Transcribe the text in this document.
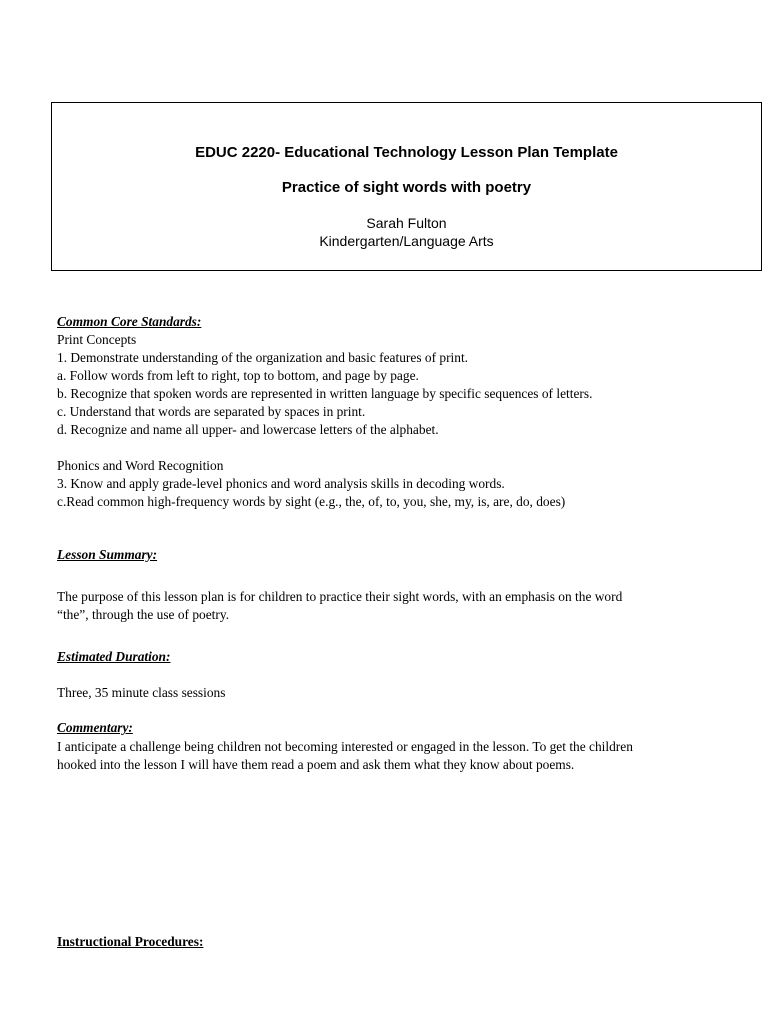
EDUC 2220- Educational Technology Lesson Plan Template
Practice of sight words with poetry
Sarah Fulton
Kindergarten/Language Arts
Common Core Standards:
Print Concepts
1. Demonstrate understanding of the organization and basic features of print.
a. Follow words from left to right, top to bottom, and page by page.
b. Recognize that spoken words are represented in written language by specific sequences of letters.
c. Understand that words are separated by spaces in print.
d. Recognize and name all upper- and lowercase letters of the alphabet.
Phonics and Word Recognition
3. Know and apply grade-level phonics and word analysis skills in decoding words.
c.Read common high-frequency words by sight (e.g., the, of, to, you, she, my, is, are, do, does)
Lesson Summary:
The purpose of this lesson plan is for children to practice their sight words, with an emphasis on the word
“the”, through the use of poetry.
Estimated Duration:
Three, 35 minute class sessions
Commentary:
I anticipate a challenge being children not becoming interested or engaged in the lesson. To get the children
hooked into the lesson I will have them read a poem and ask them what they know about poems.
Instructional Procedures:
